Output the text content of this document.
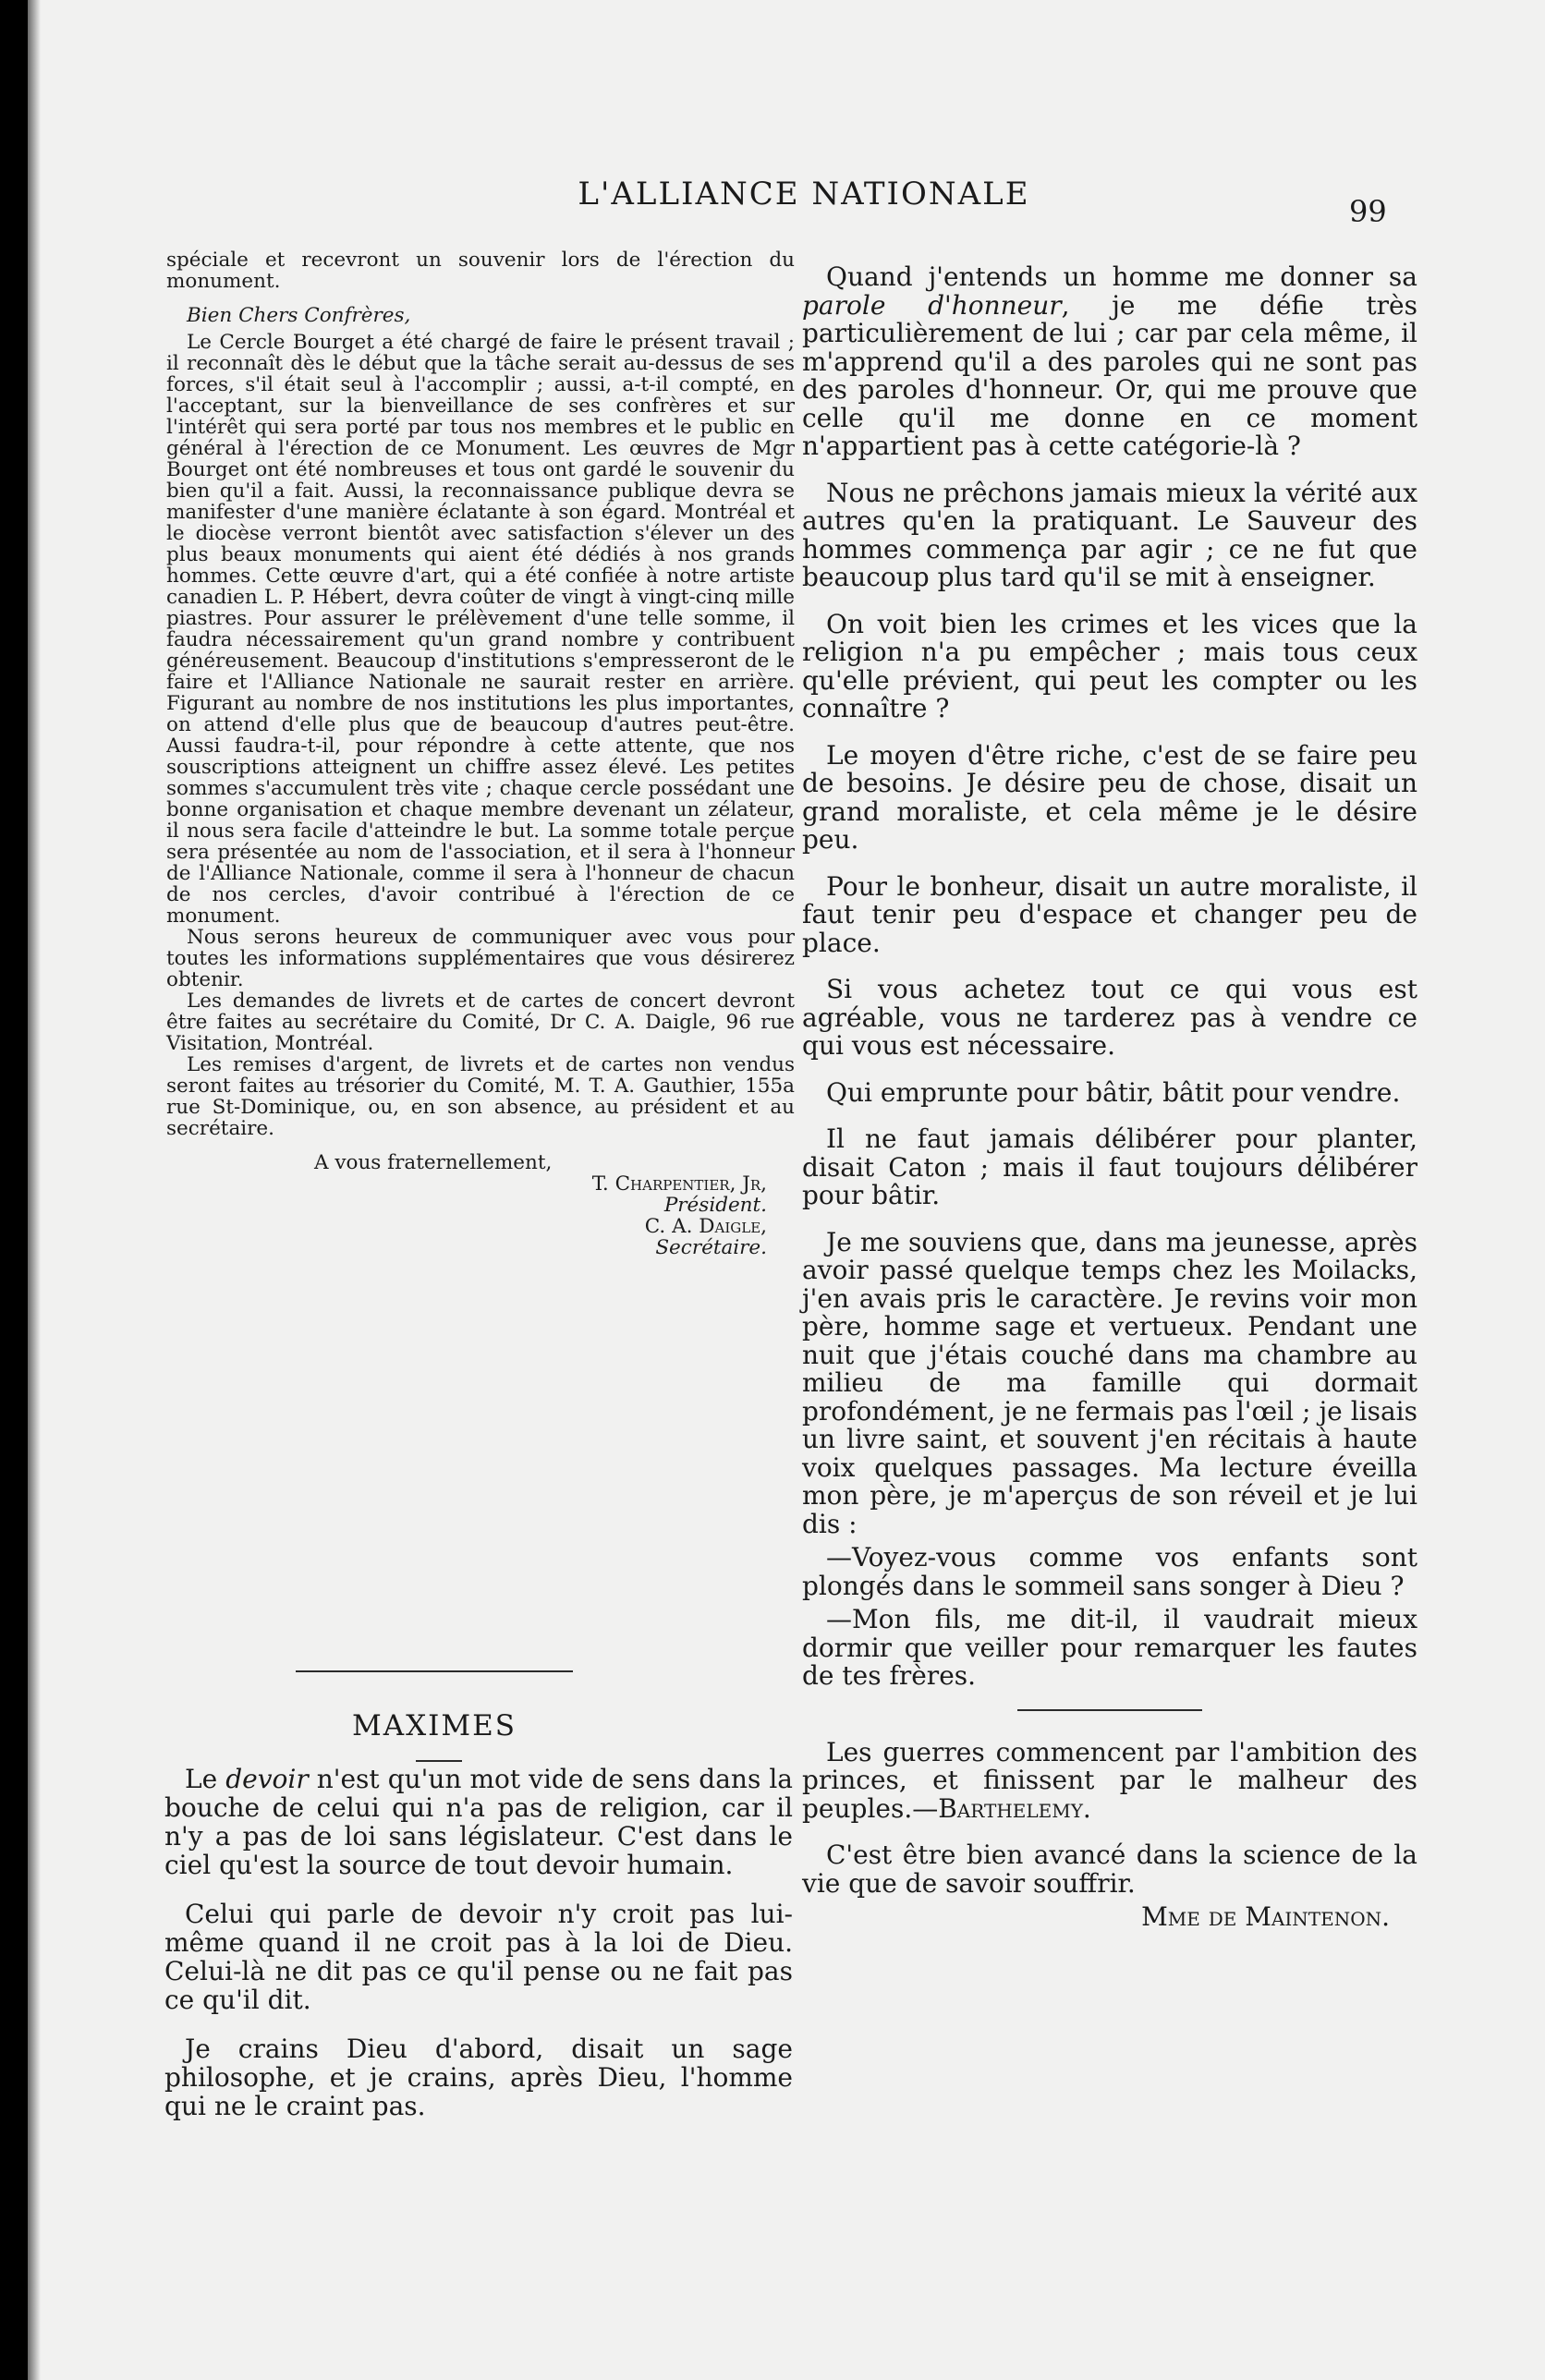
L'ALLIANCE NATIONALE	99

spéciale et recevront un souvenir lors de l'érection du monument.

Bien Chers Confrères,

Le Cercle Bourget a été chargé de faire le présent travail ; il reconnaît dès le début que la tâche serait au-dessus de ses forces, s'il était seul à l'accomplir ; aussi, a-t-il compté, en l'acceptant, sur la bienveillance de ses confrères et sur l'intérêt qui sera porté par tous nos membres et le public en général à l'érection de ce Monument. Les œuvres de Mgr Bourget ont été nombreuses et tous ont gardé le souvenir du bien qu'il a fait. Aussi, la reconnaissance publique devra se manifester d'une manière éclatante à son égard. Montréal et le diocèse verront bientôt avec satisfaction s'élever un des plus beaux monuments qui aient été dédiés à nos grands hommes. Cette œuvre d'art, qui a été confiée à notre artiste canadien L. P. Hébert, devra coûter de vingt à vingt-cinq mille piastres. Pour assurer le prélèvement d'une telle somme, il faudra nécessairement qu'un grand nombre y contribuent généreusement. Beaucoup d'institutions s'empresseront de le faire et l'Alliance Nationale ne saurait rester en arrière. Figurant au nombre de nos institutions les plus importantes, on attend d'elle plus que de beaucoup d'autres peut-être. Aussi faudra-t-il, pour répondre à cette attente, que nos souscriptions atteignent un chiffre assez élevé. Les petites sommes s'accumulent très vite ; chaque cercle possédant une bonne organisation et chaque membre devenant un zélateur, il nous sera facile d'atteindre le but. La somme totale perçue sera présentée au nom de l'association, et il sera à l'honneur de l'Alliance Nationale, comme il sera à l'honneur de chacun de nos cercles, d'avoir contribué à l'érection de ce monument.

Nous serons heureux de communiquer avec vous pour toutes les informations supplémentaires que vous désirerez obtenir.

Les demandes de livrets et de cartes de concert devront être faites au secrétaire du Comité, Dr C. A. Daigle, 96 rue Visitation, Montréal.

Les remises d'argent, de livrets et de cartes non vendus seront faites au trésorier du Comité, M. T. A. Gauthier, 155a rue St-Dominique, ou, en son absence, au président et au secrétaire.

A vous fraternellement,

T. Charpentier, Jr,
Président.

C. A. Daigle,
Secrétaire.

MAXIMES

Le devoir n'est qu'un mot vide de sens dans la bouche de celui qui n'a pas de religion, car il n'y a pas de loi sans législateur. C'est dans le ciel qu'est la source de tout devoir humain.

Celui qui parle de devoir n'y croit pas lui-même quand il ne croit pas à la loi de Dieu. Celui-là ne dit pas ce qu'il pense ou ne fait pas ce qu'il dit.

Je crains Dieu d'abord, disait un sage philosophe, et je crains, après Dieu, l'homme qui ne le craint pas.

Quand j'entends un homme me donner sa parole d'honneur, je me défie très particulièrement de lui ; car par cela même, il m'apprend qu'il a des paroles qui ne sont pas des paroles d'honneur. Or, qui me prouve que celle qu'il me donne en ce moment n'appartient pas à cette catégorie-là ?

Nous ne prêchons jamais mieux la vérité aux autres qu'en la pratiquant. Le Sauveur des hommes commença par agir ; ce ne fut que beaucoup plus tard qu'il se mit à enseigner.

On voit bien les crimes et les vices que la religion n'a pu empêcher ; mais tous ceux qu'elle prévient, qui peut les compter ou les connaître ?

Le moyen d'être riche, c'est de se faire peu de besoins. Je désire peu de chose, disait un grand moraliste, et cela même je le désire peu.

Pour le bonheur, disait un autre moraliste, il faut tenir peu d'espace et changer peu de place.

Si vous achetez tout ce qui vous est agréable, vous ne tarderez pas à vendre ce qui vous est nécessaire.

Qui emprunte pour bâtir, bâtit pour vendre.

Il ne faut jamais délibérer pour planter, disait Caton ; mais il faut toujours délibérer pour bâtir.

Je me souviens que, dans ma jeunesse, après avoir passé quelque temps chez les Moilacks, j'en avais pris le caractère. Je revins voir mon père, homme sage et vertueux. Pendant une nuit que j'étais couché dans ma chambre au milieu de ma famille qui dormait profondément, je ne fermais pas l'œil ; je lisais un livre saint, et souvent j'en récitais à haute voix quelques passages. Ma lecture éveilla mon père, je m'aperçus de son réveil et je lui dis :

—Voyez-vous comme vos enfants sont plongés dans le sommeil sans songer à Dieu ?

—Mon fils, me dit-il, il vaudrait mieux dormir que veiller pour remarquer les fautes de tes frères.

Les guerres commencent par l'ambition des princes, et finissent par le malheur des peuples.—Barthelemy.

C'est être bien avancé dans la science de la vie que de savoir souffrir.

Mme de Maintenon.
